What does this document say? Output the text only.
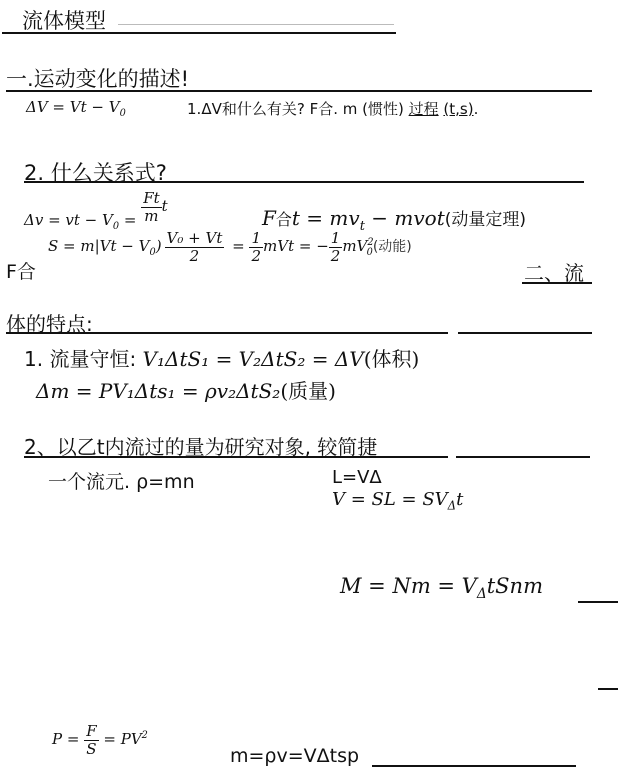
流体模型
一.运动变化的描述!
$\Delta V = Vt - V_0$	1.ΔV和什么有关? F合. m (惯性) 过程 (t,s).
2. 什么关系式?
Δv = vt − $V_0 = \frac{Ft}{m}$ t	F合$t = mv_t$ − mvot(动量定理)
F合
$S = m|Vt - V_0) \frac{\text{V₀ + Vt}}{2} = \frac{1}{2}$ mVt = − $\frac{1}{2} mV^2_0$(动能)
二、流
体的特点:
1. 流量守恒: V₁ΔtS₁ = V₂ΔtS₂ = ΔV(体积)
Δm = PV₁Δts₁ = ρv₂ΔtS₂(质量)
2、以乙t内流过的量为研究对象, 较简捷
一个流元. ρ=mn	L=VΔ
V = SL = $SV_\Delta t$
$M = Nm = V_\Delta tSnm$
$P = \frac{F}{S} = PV^2$
m=ρv=VΔtsp
